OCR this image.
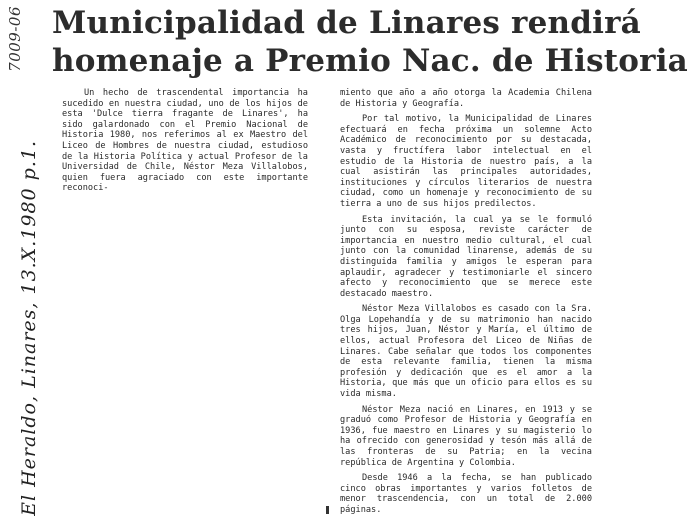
7009-06
El Heraldo, Linares, 13.X.1980 p.1.
Municipalidad de Linares rendirá
homenaje a Premio Nac. de Historia

Un hecho de trascendental importancia ha sucedido en nuestra ciudad, uno de los hijos de esta 'Dulce tierra fragante de Linares', ha sido galardonado con el Premio Nacional de Historia 1980, nos referimos al ex Maestro del Liceo de Hombres de nuestra ciudad, estudioso de la Historia Política y actual Profesor de la Universidad de Chile, Néstor Meza Villalobos, quien fuera agraciado con este importante reconoci-

miento que año a año otorga la Academia Chilena de Historia y Geografía.

Por tal motivo, la Municipalidad de Linares efectuará en fecha próxima un solemne Acto Académico de reconocimiento por su destacada, vasta y fructífera labor intelectual en el estudio de la Historia de nuestro país, a la cual asistirán las principales autoridades, instituciones y círculos literarios de nuestra ciudad, como un homenaje y reconocimiento de su tierra a uno de sus hijos predilectos.

Esta invitación, la cual ya se le formuló junto con su esposa, reviste carácter de importancia en nuestro medio cultural, el cual junto con la comunidad linarense, además de su distinguida familia y amigos le esperan para aplaudir, agradecer y testimoniarle el sincero afecto y reconocimiento que se merece este destacado maestro.

Néstor Meza Villalobos es casado con la Sra. Olga Lopehandía y de su matrimonio han nacido tres hijos, Juan, Néstor y María, el último de ellos, actual Profesora del Liceo de Niñas de Linares. Cabe señalar que todos los componentes de esta relevante familia, tienen la misma profesión y dedicación que es el amor a la Historia, que más que un oficio para ellos es su vida misma.

Néstor Meza nació en Linares, en 1913 y se graduó como Profesor de Historia y Geografía en 1936, fue maestro en Linares y su magisterio lo ha ofrecido con generosidad y tesón más allá de las fronteras de su Patria; en la vecina república de Argentina y Colombia.

Desde 1946 a la fecha, se han publicado cinco obras importantes y varios folletos de menor trascendencia, con un total de 2.000 páginas.
